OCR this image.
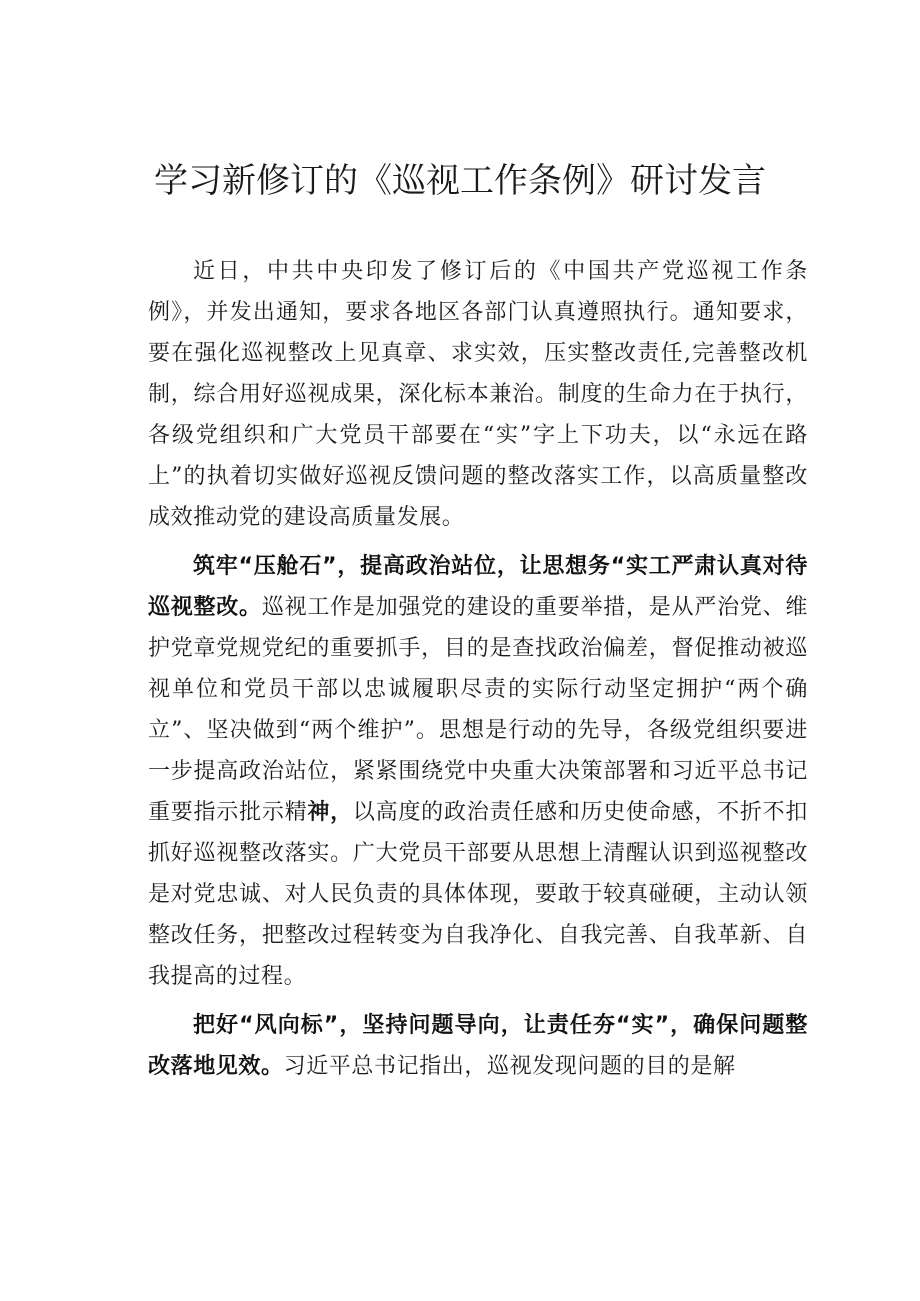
学习新修订的《巡视工作条例》研讨发言

近日，中共中央印发了修订后的《中国共产党巡视工作条例》，并发出通知，要求各地区各部门认真遵照执行。通知要求，要在强化巡视整改上见真章、求实效，压实整改责任,完善整改机制，综合用好巡视成果，深化标本兼治。制度的生命力在于执行，各级党组织和广大党员干部要在“实”字上下功夫，以“永远在路上”的执着切实做好巡视反馈问题的整改落实工作，以高质量整改成效推动党的建设高质量发展。

筑牢“压舱石”，提高政治站位，让思想务“实工严肃认真对待巡视整改。巡视工作是加强党的建设的重要举措，是从严治党、维护党章党规党纪的重要抓手，目的是查找政治偏差，督促推动被巡视单位和党员干部以忠诚履职尽责的实际行动坚定拥护“两个确立”、坚决做到“两个维护”。思想是行动的先导，各级党组织要进一步提高政治站位，紧紧围绕党中央重大决策部署和习近平总书记重要指示批示精神，以高度的政治责任感和历史使命感，不折不扣抓好巡视整改落实。广大党员干部要从思想上清醒认识到巡视整改是对党忠诚、对人民负责的具体体现，要敢于较真碰硬，主动认领整改任务，把整改过程转变为自我净化、自我完善、自我革新、自我提高的过程。

把好“风向标”，坚持问题导向，让责任夯“实”，确保问题整改落地见效。习近平总书记指出，巡视发现问题的目的是解
